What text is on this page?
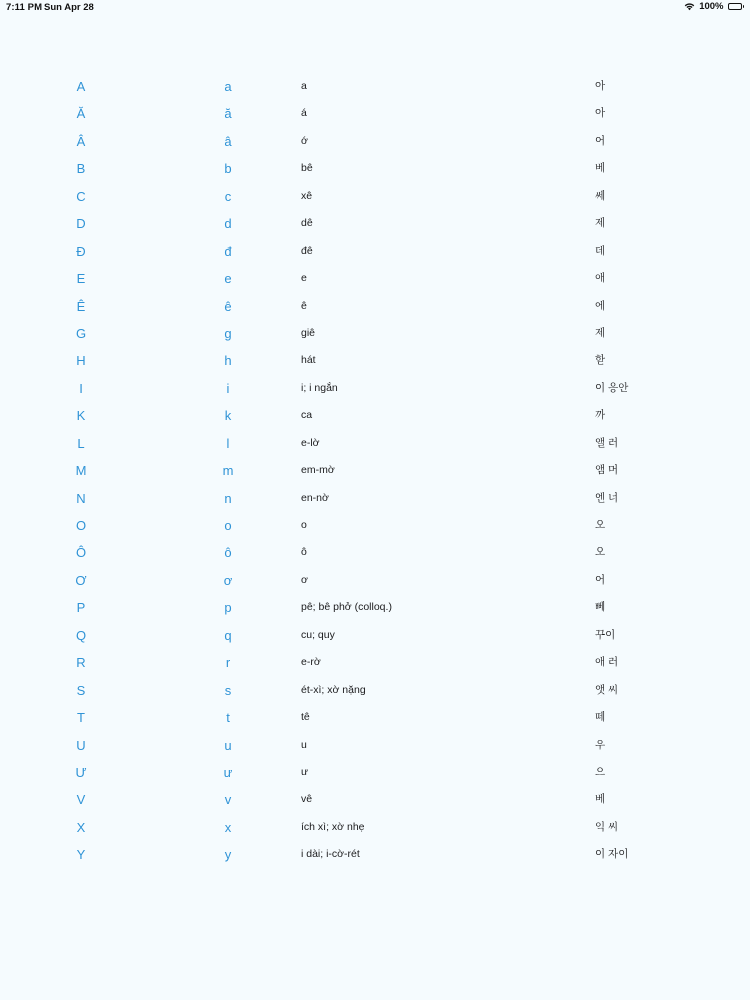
7:11 PM Sun Apr 28	100%
A	a	a	아
Ă	ă	á	아
Â	â	ớ	어
B	b	bê	베
C	c	xê	쎄
D	d	dê	제
Đ	đ	đê	데
E	e	e	애
Ê	ê	ê	에
G	g	giê	제
H	h	hát	핟
I	i	i; i ngắn	이 응안
K	k	ca	까
L	l	e-lờ	앨 러
M	m	em-mờ	앰 머
N	n	en-nờ	엔 너
O	o	o	오
Ô	ô	ô	오
Ơ	ơ	ơ	어
P	p	pê; bê phở (colloq.)	뻬
Q	q	cu; quy	꾸이
R	r	e-rờ	애 러
S	s	ét-xì; xờ nặng	앳 씨
T	t	tê	떼
U	u	u	우
Ư	ư	ư	으
V	v	vê	베
X	x	ích xì; xờ nhẹ	익 씨
Y	y	i dài; i-cờ-rét	이 자이
